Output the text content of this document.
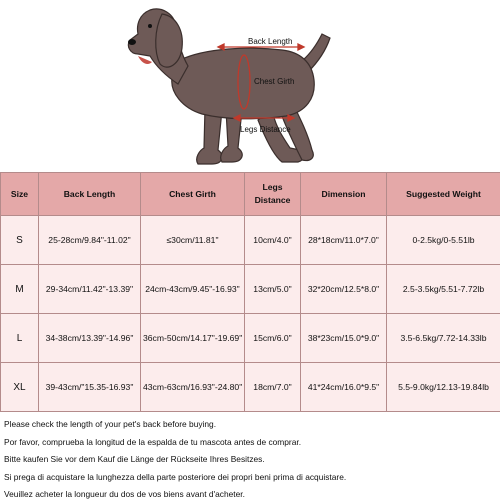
Back Length
Chest Girth
Legs Distance
Size	Back Length	Chest Girth	Legs Distance	Dimension	Suggested Weight
S	25-28cm/9.84"-11.02"	≤30cm/11.81"	10cm/4.0"	28*18cm/11.0*7.0"	0-2.5kg/0-5.51lb
M	29-34cm/11.42"-13.39"	24cm-43cm/9.45"-16.93"	13cm/5.0"	32*20cm/12.5*8.0"	2.5-3.5kg/5.51-7.72lb
L	34-38cm/13.39"-14.96"	36cm-50cm/14.17"-19.69"	15cm/6.0"	38*23cm/15.0*9.0"	3.5-6.5kg/7.72-14.33lb
XL	39-43cm/"15.35-16.93"	43cm-63cm/16.93"-24.80"	18cm/7.0"	41*24cm/16.0*9.5"	5.5-9.0kg/12.13-19.84lb
Please check the length of your pet's back before buying.
Por favor, comprueba la longitud de la espalda de tu mascota antes de comprar.
Bitte kaufen Sie vor dem Kauf die Länge der Rückseite Ihres Besitzes.
Si prega di acquistare la lunghezza della parte posteriore dei propri beni prima di acquistare.
Veuillez acheter la longueur du dos de vos biens avant d'acheter.
